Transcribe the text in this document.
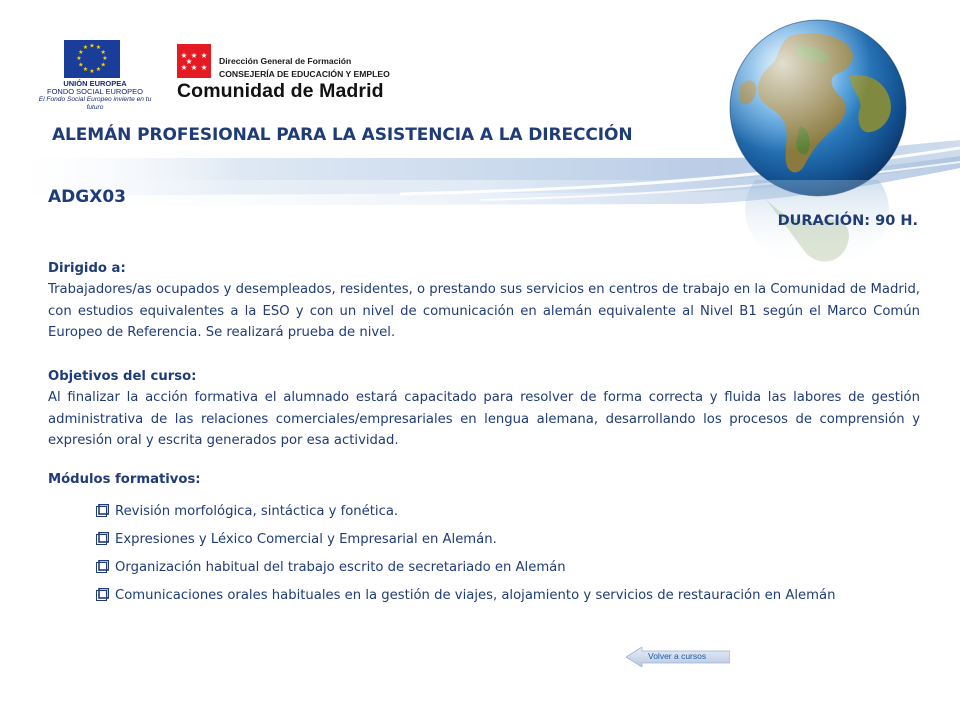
★ ★
★
★
★
★
★
★
★
★
★
★
UNIÓN EUROPEA
FONDO SOCIAL EUROPEO
El Fondo Social Europeo invierte en tu futuro
★ ★ ★
★ ★ ★
★	Dirección General de Formación
CONSEJERÍA DE EDUCACIÓN Y EMPLEO
Comunidad de Madrid
ALEMÁN PROFESIONAL PARA LA ASISTENCIA A LA DIRECCIÓN
ADGX03
DURACIÓN: 90 H.
Dirigido a:
Trabajadores/as ocupados y desempleados, residentes, o prestando sus servicios en centros de trabajo en la Comunidad de Madrid, con estudios equivalentes a la ESO y con un nivel de comunicación en alemán equivalente al Nivel B1 según el Marco Común Europeo de Referencia. Se realizará prueba de nivel.
Objetivos del curso:
Al finalizar la acción formativa el alumnado estará capacitado para resolver de forma correcta y fluida las labores de gestión administrativa de las relaciones comerciales/empresariales en lengua alemana, desarrollando los procesos de comprensión y expresión oral y escrita generados por esa actividad.
Módulos formativos:
Revisión morfológica, sintáctica y fonética.
Expresiones y Léxico Comercial y Empresarial en Alemán.
Organización habitual del trabajo escrito de secretariado en Alemán
Comunicaciones orales habituales en la gestión de viajes, alojamiento y servicios de restauración en Alemán
Volver a cursos
